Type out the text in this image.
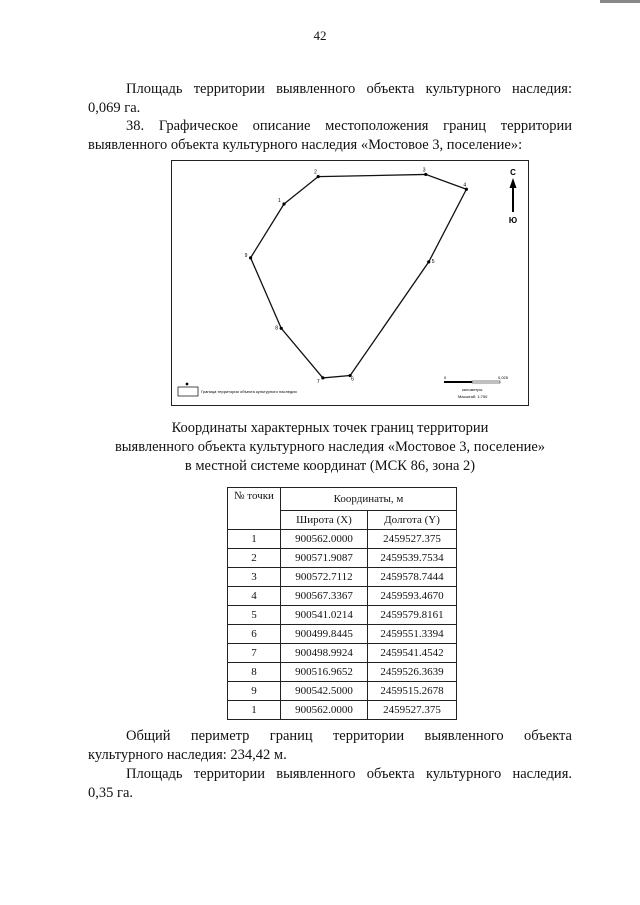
42

Площадь территории выявленного объекта культурного наследия:

0,069 га.

38. Графическое описание местоположения границ территории

выявленного объекта культурного наследия «Мостовое 3, поселение»:

1
2	3
4
5
6
7
8
9
С
Ю
Граница территории объекта культурного наследия
0	0,025
километры
Масштаб: 1:750
Координаты характерных точек границ территории
выявленного объекта культурного наследия «Мостовое 3, поселение»
в местной системе координат (МСК 86, зона 2)
№ точки	Координаты, м	
	Широта (X)	Долгота (Y)
1	900562.0000	2459527.375
2	900571.9087	2459539.7534
3	900572.7112	2459578.7444
4	900567.3367	2459593.4670
5	900541.0214	2459579.8161
6	900499.8445	2459551.3394
7	900498.9924	2459541.4542
8	900516.9652	2459526.3639
9	900542.5000	2459515.2678
1	900562.0000	2459527.375

Общий периметр границ территории выявленного объекта

культурного наследия: 234,42 м.

Площадь территории выявленного объекта культурного наследия.

0,35 га.
